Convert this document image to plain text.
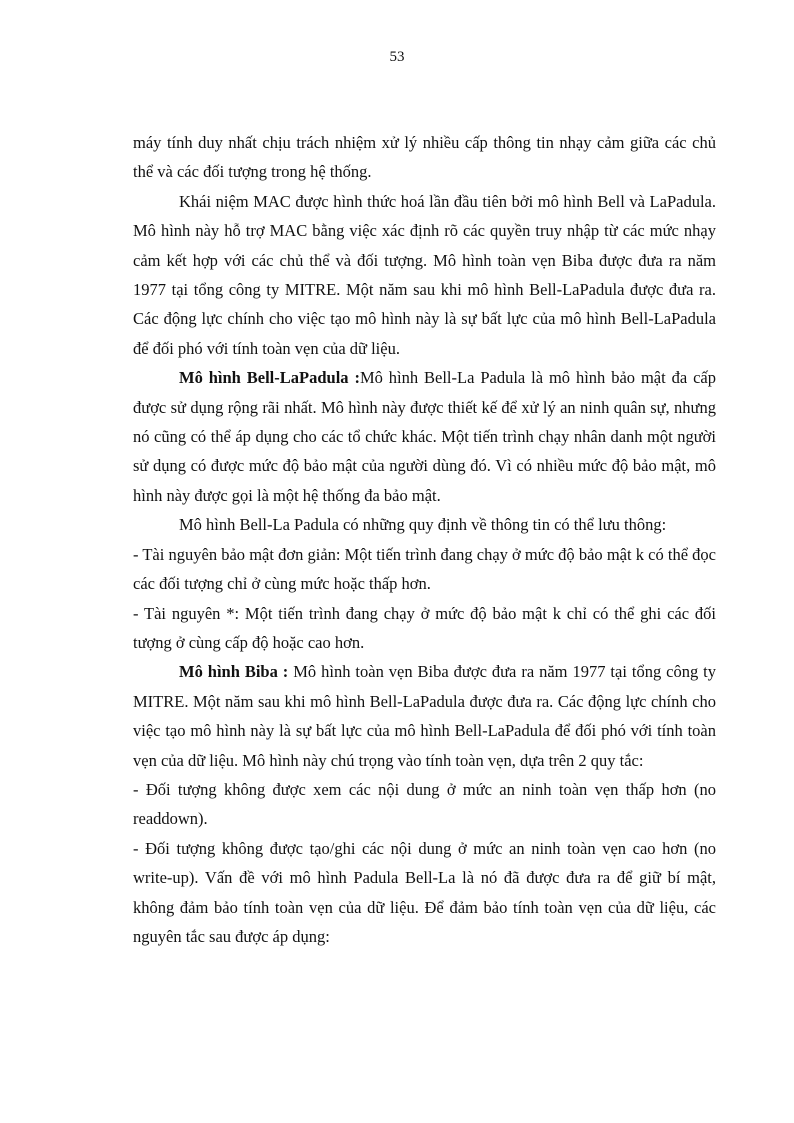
53

máy tính duy nhất chịu trách nhiệm xử lý nhiều cấp thông tin nhạy cảm giữa các chủ thể và các đối tượng trong hệ thống.

Khái niệm MAC được hình thức hoá lần đầu tiên bởi mô hình Bell và LaPadula. Mô hình này hỗ trợ MAC bằng việc xác định rõ các quyền truy nhập từ các mức nhạy cảm kết hợp với các chủ thể và đối tượng. Mô hình toàn vẹn Biba được đưa ra năm 1977 tại tổng công ty MITRE. Một năm sau khi mô hình Bell-LaPadula được đưa ra. Các động lực chính cho việc tạo mô hình này là sự bất lực của mô hình Bell-LaPadula để đối phó với tính toàn vẹn của dữ liệu.

Mô hình Bell-LaPadula :Mô hình Bell-La Padula là mô hình bảo mật đa cấp được sử dụng rộng rãi nhất. Mô hình này được thiết kế để xử lý an ninh quân sự, nhưng nó cũng có thể áp dụng cho các tổ chức khác. Một tiến trình chạy nhân danh một người sử dụng có được mức độ bảo mật của người dùng đó. Vì có nhiều mức độ bảo mật, mô hình này được gọi là một hệ thống đa bảo mật.

Mô hình Bell-La Padula có những quy định về thông tin có thể lưu thông:

- Tài nguyên bảo mật đơn giản: Một tiến trình đang chạy ở mức độ bảo mật k có thể đọc các đối tượng chỉ ở cùng mức hoặc thấp hơn.

- Tài nguyên *: Một tiến trình đang chạy ở mức độ bảo mật k chỉ có thể ghi các đối tượng ở cùng cấp độ hoặc cao hơn.

Mô hình Biba : Mô hình toàn vẹn Biba được đưa ra năm 1977 tại tổng công ty MITRE. Một năm sau khi mô hình Bell-LaPadula được đưa ra. Các động lực chính cho việc tạo mô hình này là sự bất lực của mô hình Bell-LaPadula để đối phó với tính toàn vẹn của dữ liệu. Mô hình này chú trọng vào tính toàn vẹn, dựa trên 2 quy tắc:

- Đối tượng không được xem các nội dung ở mức an ninh toàn vẹn thấp hơn (no readdown).

- Đối tượng không được tạo/ghi các nội dung ở mức an ninh toàn vẹn cao hơn (no write-up). Vấn đề với mô hình Padula Bell-La là nó đã được đưa ra để giữ bí mật, không đảm bảo tính toàn vẹn của dữ liệu. Để đảm bảo tính toàn vẹn của dữ liệu, các nguyên tắc sau được áp dụng:
